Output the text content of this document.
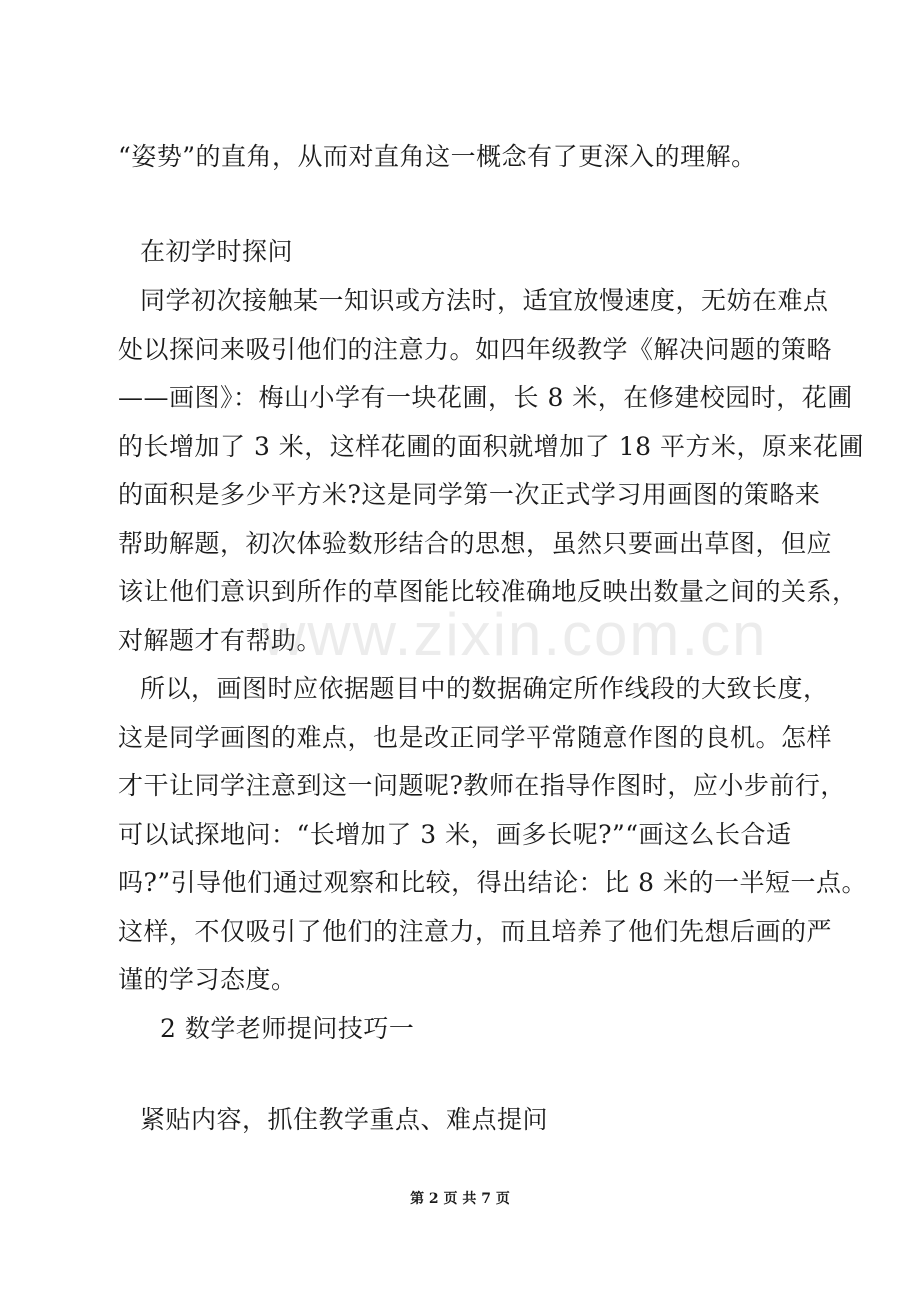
“姿势”的直角，从而对直角这一概念有了更深入的理解。
在初学时探问
同学初次接触某一知识或方法时，适宜放慢速度，无妨在难点
处以探问来吸引他们的注意力。如四年级教学《解决问题的策略
——画图》：梅山小学有一块花圃，长 8 米，在修建校园时，花圃
的长增加了 3 米，这样花圃的面积就增加了 18 平方米，原来花圃
的面积是多少平方米?这是同学第一次正式学习用画图的策略来
帮助解题，初次体验数形结合的思想，虽然只要画出草图，但应
该让他们意识到所作的草图能比较准确地反映出数量之间的关系，
对解题才有帮助。
所以，画图时应依据题目中的数据确定所作线段的大致长度，
这是同学画图的难点，也是改正同学平常随意作图的良机。怎样
才干让同学注意到这一问题呢?教师在指导作图时，应小步前行，
可以试探地问：“长增加了 3 米，画多长呢?”“画这么长合适
吗?”引导他们通过观察和比较，得出结论：比 8 米的一半短一点。
这样，不仅吸引了他们的注意力，而且培养了他们先想后画的严
谨的学习态度。
2 数学老师提问技巧一
紧贴内容，抓住教学重点、难点提问
www.zixin.com.cn
第 2 页 共 7 页
